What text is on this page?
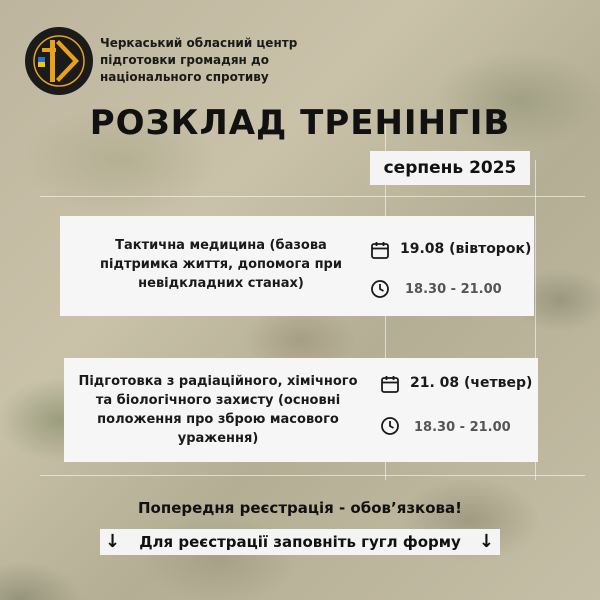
Черкаський обласний центр
підготовки громадян до
національного спротиву
РОЗКЛАД ТРЕНІНГІВ
серпень 2025
Тактична медицина (базова підтримка життя, допомога при невідкладних станах)
19.08 (вівторок)
18.30 - 21.00
Підготовка з радіаційного, хімічного та біологічного захисту (основні положення про зброю масового ураження)
21. 08 (четвер)
18.30 - 21.00
Попередня реєстрація - обов’язкова!
↓	Для реєстрації заповніть гугл форму	↓
